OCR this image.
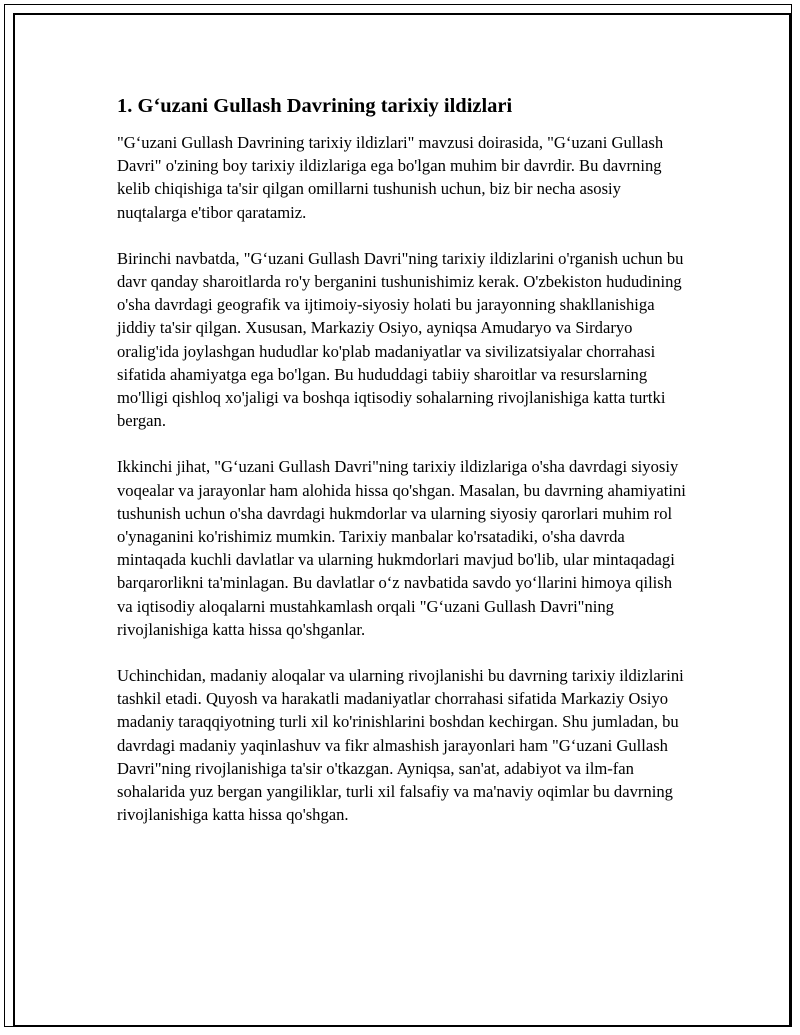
1. G‘uzani Gullash Davrining tarixiy ildizlari

"G‘uzani Gullash Davrining tarixiy ildizlari" mavzusi doirasida, "G‘uzani Gullash Davri" o'zining boy tarixiy ildizlariga ega bo'lgan muhim bir davrdir. Bu davrning kelib chiqishiga ta'sir qilgan omillarni tushunish uchun, biz bir necha asosiy nuqtalarga e'tibor qaratamiz.

Birinchi navbatda, "G‘uzani Gullash Davri"ning tarixiy ildizlarini o'rganish uchun bu davr qanday sharoitlarda ro'y berganini tushunishimiz kerak. O'zbekiston hududining o'sha davrdagi geografik va ijtimoiy-siyosiy holati bu jarayonning shakllanishiga jiddiy ta'sir qilgan. Xususan, Markaziy Osiyo, ayniqsa Amudaryo va Sirdaryo oralig'ida joylashgan hududlar ko'plab madaniyatlar va sivilizatsiyalar chorrahasi sifatida ahamiyatga ega bo'lgan. Bu hududdagi tabiiy sharoitlar va resurslarning mo'lligi qishloq xo'jaligi va boshqa iqtisodiy sohalarning rivojlanishiga katta turtki bergan.

Ikkinchi jihat, "G‘uzani Gullash Davri"ning tarixiy ildizlariga o'sha davrdagi siyosiy voqealar va jarayonlar ham alohida hissa qo'shgan. Masalan, bu davrning ahamiyatini tushunish uchun o'sha davrdagi hukmdorlar va ularning siyosiy qarorlari muhim rol o'ynaganini ko'rishimiz mumkin. Tarixiy manbalar ko'rsatadiki, o'sha davrda mintaqada kuchli davlatlar va ularning hukmdorlari mavjud bo'lib, ular mintaqadagi barqarorlikni ta'minlagan. Bu davlatlar o‘z navbatida savdo yo‘llarini himoya qilish va iqtisodiy aloqalarni mustahkamlash orqali "G‘uzani Gullash Davri"ning rivojlanishiga katta hissa qo'shganlar.

Uchinchidan, madaniy aloqalar va ularning rivojlanishi bu davrning tarixiy ildizlarini tashkil etadi. Quyosh va harakatli madaniyatlar chorrahasi sifatida Markaziy Osiyo madaniy taraqqiyotning turli xil ko'rinishlarini boshdan kechirgan. Shu jumladan, bu davrdagi madaniy yaqinlashuv va fikr almashish jarayonlari ham "G‘uzani Gullash Davri"ning rivojlanishiga ta'sir o'tkazgan. Ayniqsa, san'at, adabiyot va ilm-fan sohalarida yuz bergan yangiliklar, turli xil falsafiy va ma'naviy oqimlar bu davrning rivojlanishiga katta hissa qo'shgan.
